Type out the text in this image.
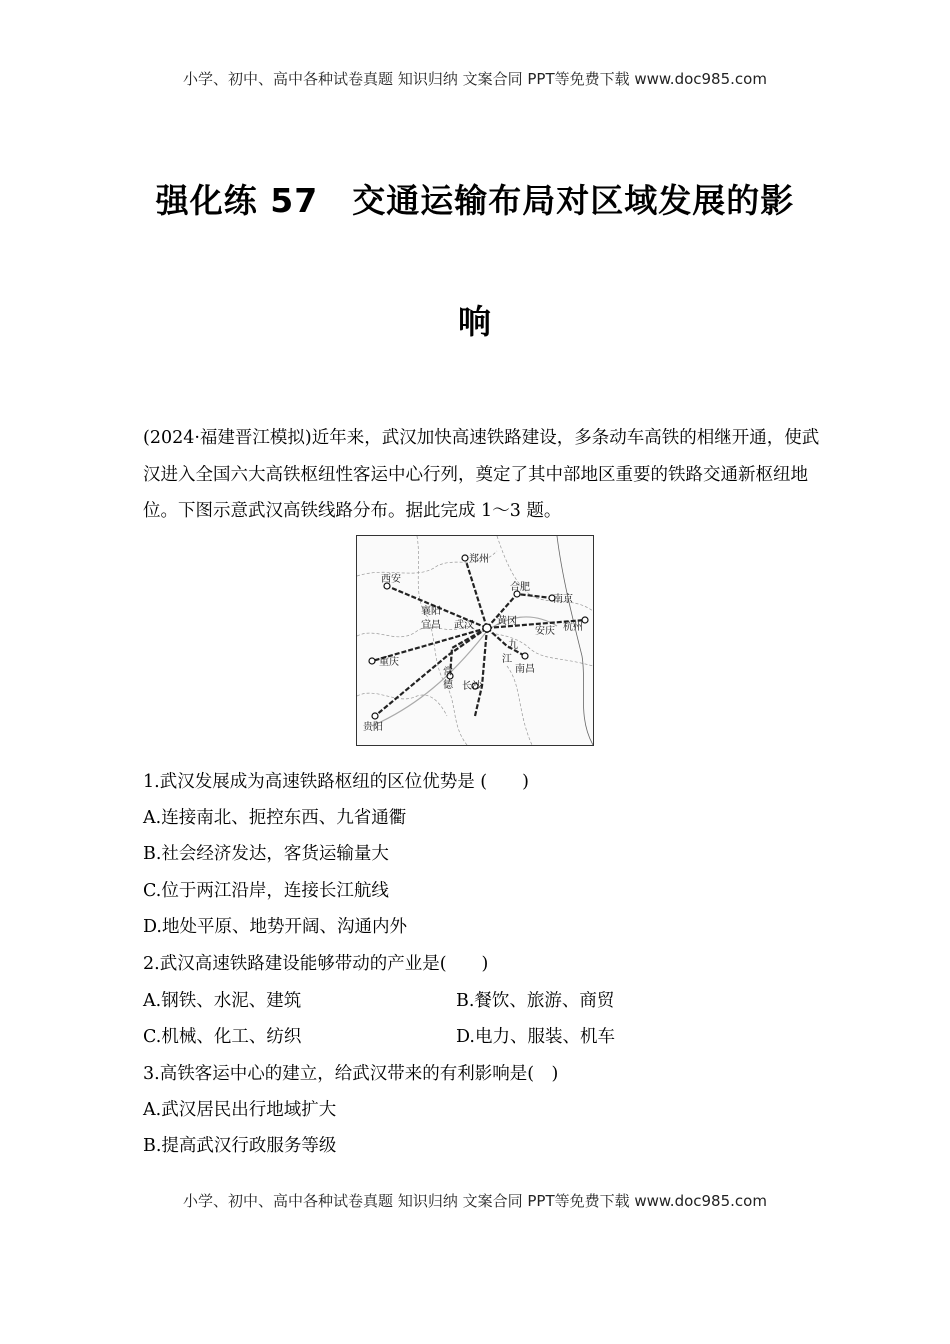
小学、初中、高中各种试卷真题 知识归纳 文案合同 PPT等免费下载 www.doc985.com
强化练 57　交通运输布局对区域发展的影
响
(2024·福建晋江模拟)近年来，武汉加快高速铁路建设，多条动车高铁的相继开通，使武汉进入全国六大高铁枢纽性客运中心行列，奠定了其中部地区重要的铁路交通新枢纽地位。下图示意武汉高铁线路分布。据此完成 1～3 题。
郑州
西安
合肥
南京
襄阳
宜昌 武汉 黄冈
杭州
安庆
重庆
九
江
南昌
常
德 长沙
贵阳
1.武汉发展成为高速铁路枢纽的区位优势是 (　　)
A.连接南北、扼控东西、九省通衢
B.社会经济发达，客货运输量大
C.位于两江沿岸，连接长江航线
D.地处平原、地势开阔、沟通内外
2.武汉高速铁路建设能够带动的产业是(　　)
A.钢铁、水泥、建筑	B.餐饮、旅游、商贸
C.机械、化工、纺织	D.电力、服装、机车
3.高铁客运中心的建立，给武汉带来的有利影响是(　)
A.武汉居民出行地域扩大
B.提高武汉行政服务等级
小学、初中、高中各种试卷真题 知识归纳 文案合同 PPT等免费下载 www.doc985.com
